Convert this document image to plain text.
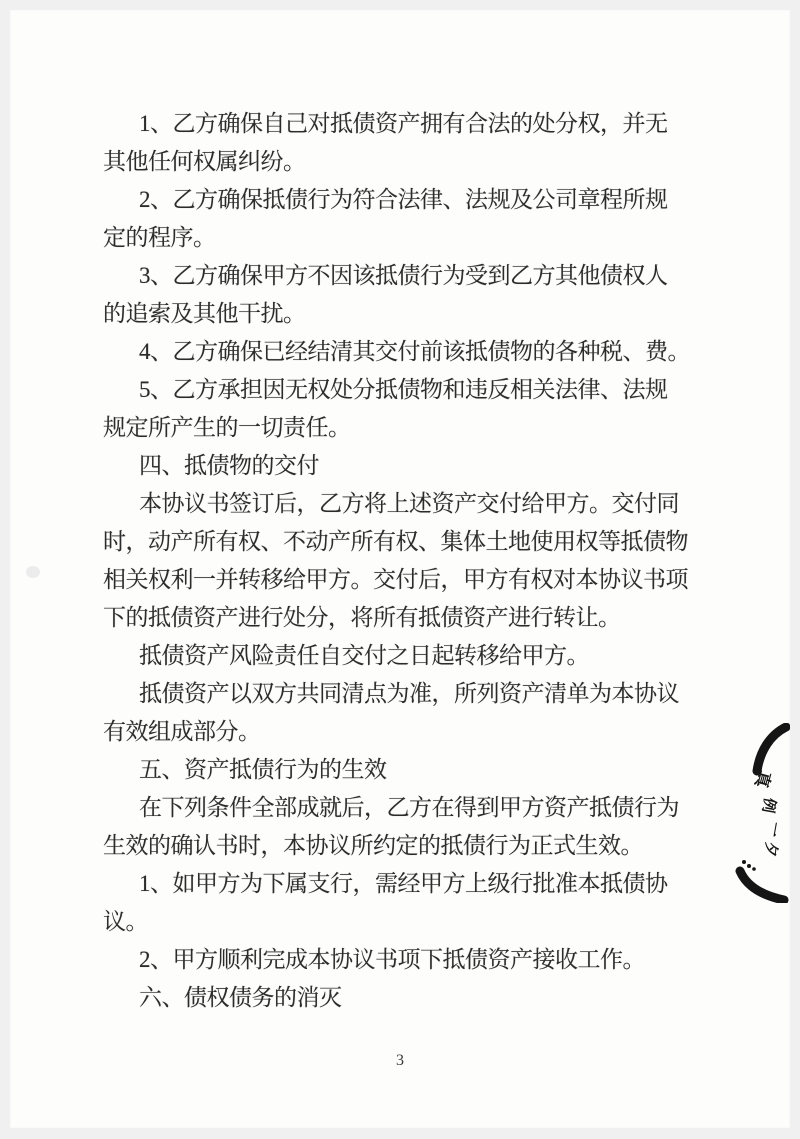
1、乙方确保自己对抵债资产拥有合法的处分权，并无
其他任何权属纠纷。
2、乙方确保抵债行为符合法律、法规及公司章程所规
定的程序。
3、乙方确保甲方不因该抵债行为受到乙方其他债权人
的追索及其他干扰。
4、乙方确保已经结清其交付前该抵债物的各种税、费。
5、乙方承担因无权处分抵债物和违反相关法律、法规
规定所产生的一切责任。
四、抵债物的交付
本协议书签订后，乙方将上述资产交付给甲方。交付同
时，动产所有权、不动产所有权、集体土地使用权等抵债物
相关权利一并转移给甲方。交付后，甲方有权对本协议书项
下的抵债资产进行处分，将所有抵债资产进行转让。
抵债资产风险责任自交付之日起转移给甲方。
抵债资产以双方共同清点为准，所列资产清单为本协议
有效组成部分。
五、资产抵债行为的生效
在下列条件全部成就后，乙方在得到甲方资产抵债行为
生效的确认书时，本协议所约定的抵债行为正式生效。
1、如甲方为下属支行，需经甲方上级行批准本抵债协
议。
2、甲方顺利完成本协议书项下抵债资产接收工作。
六、债权债务的消灭
3
真
例
一
夕
